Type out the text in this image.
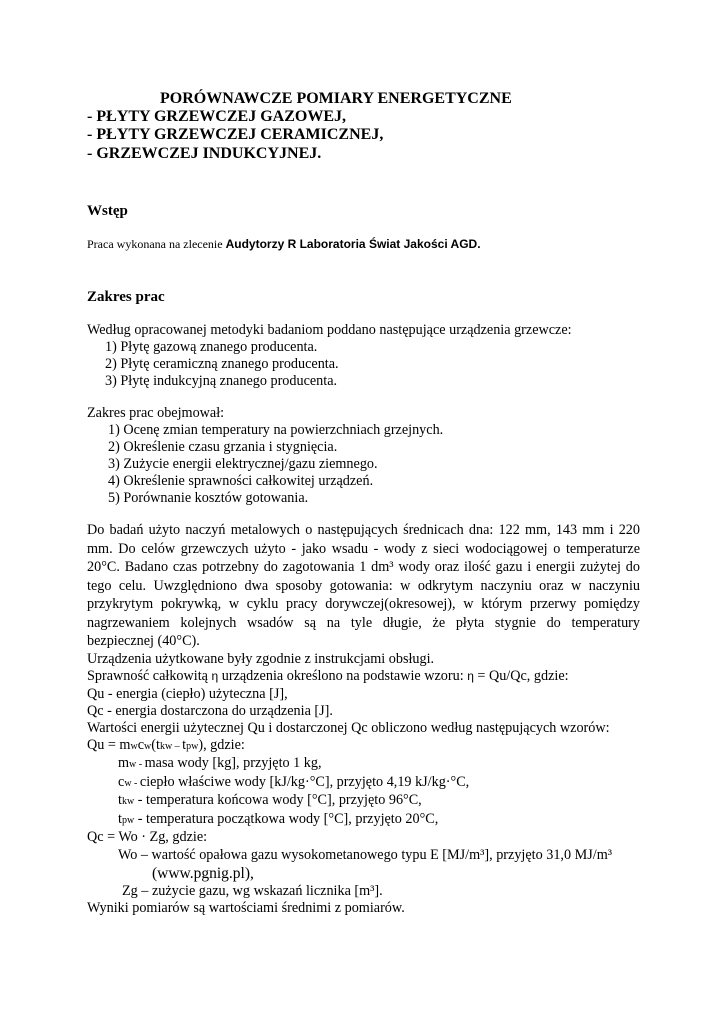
PORÓWNAWCZE POMIARY ENERGETYCZNE
- PŁYTY GRZEWCZEJ GAZOWEJ,
- PŁYTY GRZEWCZEJ CERAMICZNEJ,
- GRZEWCZEJ INDUKCYJNEJ.
Wstęp
Praca wykonana na zlecenie Audytorzy R Laboratoria Świat Jakości AGD.
Zakres prac
Według opracowanej metodyki badaniom poddano następujące urządzenia grzewcze:
1) Płytę gazową znanego producenta.
2) Płytę ceramiczną znanego producenta.
3) Płytę indukcyjną znanego producenta.
Zakres prac obejmował:
1) Ocenę zmian temperatury na powierzchniach grzejnych.
2) Określenie czasu grzania i stygnięcia.
3) Zużycie energii elektrycznej/gazu ziemnego.
4) Określenie sprawności całkowitej urządzeń.
5) Porównanie kosztów gotowania.
Do badań użyto naczyń metalowych o następujących średnicach dna: 122 mm, 143 mm i 220
mm. Do celów grzewczych użyto - jako wsadu - wody z sieci wodociągowej o temperaturze
20°C. Badano czas potrzebny do zagotowania 1 dm³ wody oraz ilość gazu i energii zużytej do
tego celu. Uwzględniono dwa sposoby gotowania: w odkrytym naczyniu oraz w naczyniu
przykrytym pokrywką, w cyklu pracy dorywczej(okresowej), w którym przerwy pomiędzy
nagrzewaniem kolejnych wsadów są na tyle długie, że płyta stygnie do temperatury
bezpiecznej (40°C).
Urządzenia użytkowane były zgodnie z instrukcjami obsługi.
Sprawność całkowitą η urządzenia określono na podstawie wzoru: η = Qu/Qc, gdzie:
Qu - energia (ciepło) użyteczna [J],
Qc - energia dostarczona do urządzenia [J].
Wartości energii użytecznej Qu i dostarczonej Qc obliczono według następujących wzorów:
Qu = mwcw(tkw – tpw), gdzie:
mw - masa wody [kg], przyjęto 1 kg,
cw - ciepło właściwe wody [kJ/kg·°C], przyjęto 4,19 kJ/kg·°C,
tkw - temperatura końcowa wody [°C], przyjęto 96°C,
tpw - temperatura początkowa wody [°C], przyjęto 20°C,
Qc = Wo · Zg, gdzie:
Wo – wartość opałowa gazu wysokometanowego typu E [MJ/m³], przyjęto 31,0 MJ/m³
(www.pgnig.pl),
Zg – zużycie gazu, wg wskazań licznika [m³].
Wyniki pomiarów są wartościami średnimi z pomiarów.
